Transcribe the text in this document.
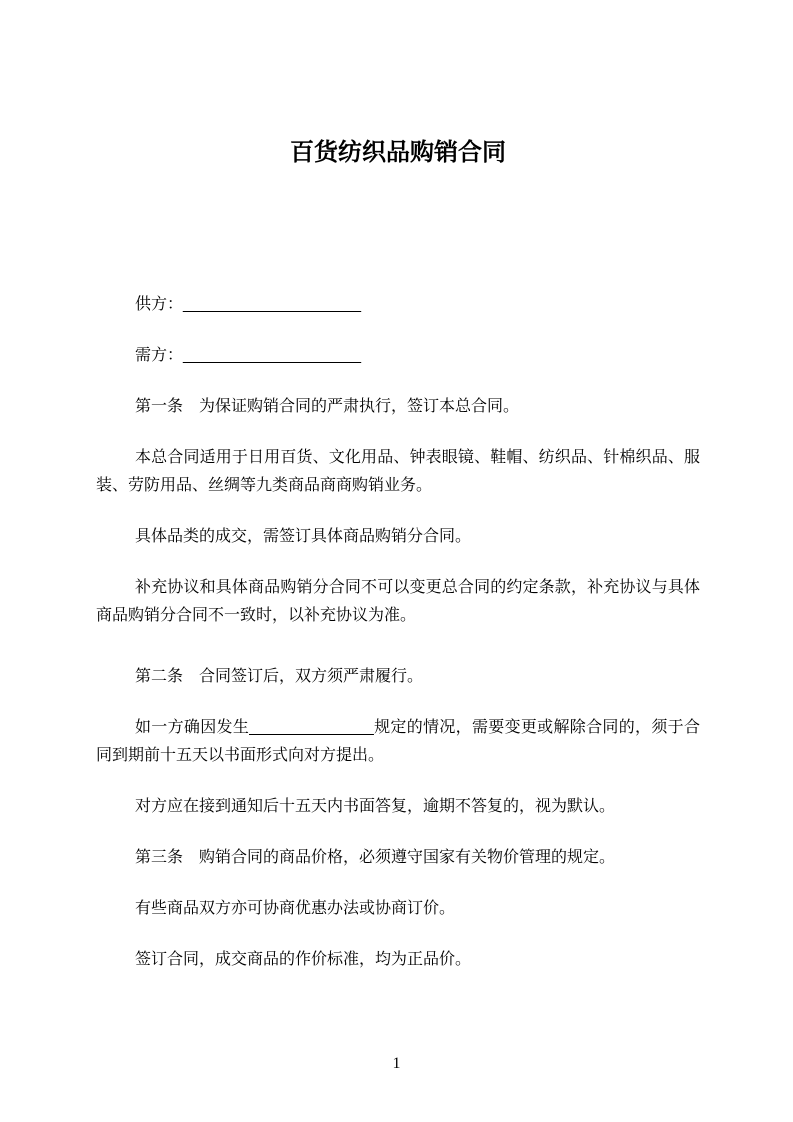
百货纺织品购销合同

供方：____________________

需方：____________________

第一条　为保证购销合同的严肃执行，签订本总合同。

本总合同适用于日用百货、文化用品、钟表眼镜、鞋帽、纺织品、针棉织品、服装、劳防用品、丝绸等九类商品商商购销业务。

具体品类的成交，需签订具体商品购销分合同。

补充协议和具体商品购销分合同不可以变更总合同的约定条款，补充协议与具体商品购销分合同不一致时，以补充协议为准。

第二条　合同签订后，双方须严肃履行。

如一方确因发生______________规定的情况，需要变更或解除合同的，须于合同到期前十五天以书面形式向对方提出。

对方应在接到通知后十五天内书面答复，逾期不答复的，视为默认。

第三条　购销合同的商品价格，必须遵守国家有关物价管理的规定。

有些商品双方亦可协商优惠办法或协商订价。

签订合同，成交商品的作价标准，均为正品价。

1
